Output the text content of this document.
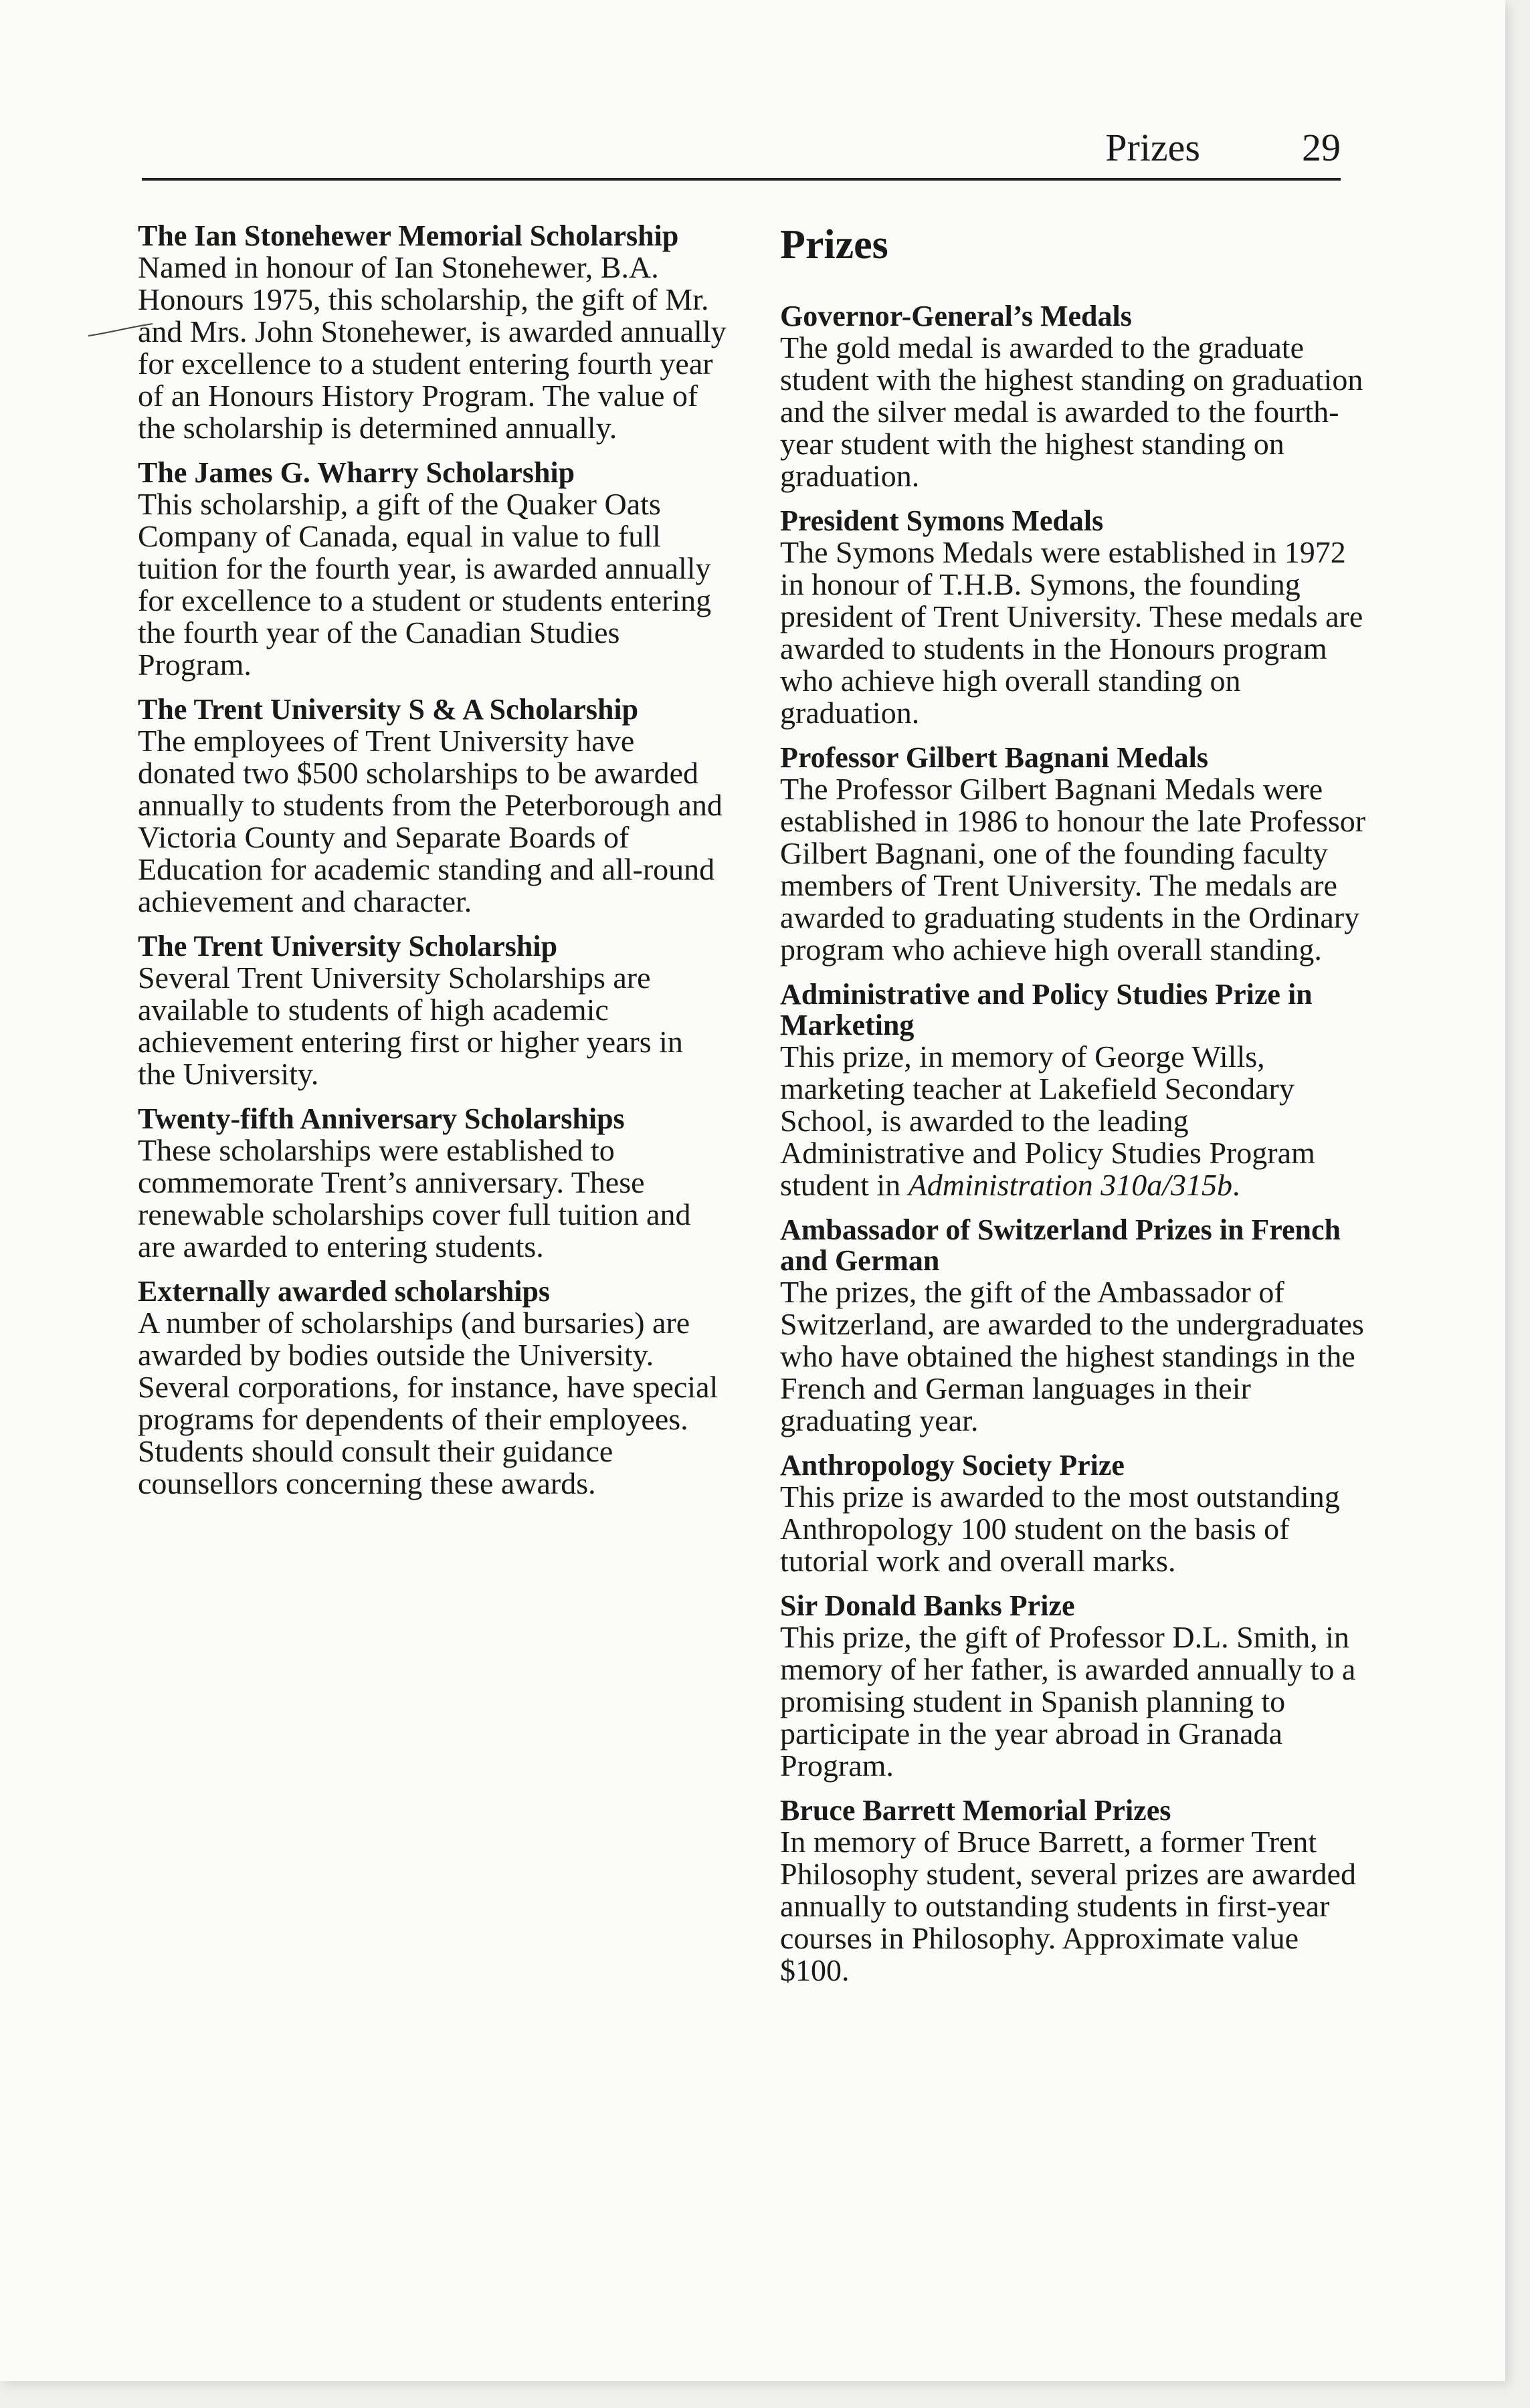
Prizes	29

The Ian Stonehewer Memorial Scholarship

Named in honour of Ian Stonehewer, B.A. Honours 1975, this scholarship, the gift of Mr. and Mrs. John Stonehewer, is awarded annually for excellence to a student entering fourth year of an Honours History Program. The value of the scholarship is determined annually.

The James G. Wharry Scholarship

This scholarship, a gift of the Quaker Oats Company of Canada, equal in value to full tuition for the fourth year, is awarded annually for excellence to a student or students entering the fourth year of the Canadian Studies Program.

The Trent University S & A Scholarship

The employees of Trent University have donated two $500 scholarships to be awarded annually to students from the Peterborough and Victoria County and Separate Boards of Education for academic standing and all-round achievement and character.

The Trent University Scholarship

Several Trent University Scholarships are available to students of high academic achievement entering first or higher years in the University.

Twenty-fifth Anniversary Scholarships

These scholarships were established to commemorate Trent’s anniversary. These renewable scholarships cover full tuition and are awarded to entering students.

Externally awarded scholarships

A number of scholarships (and bursaries) are awarded by bodies outside the University. Several corporations, for instance, have special programs for dependents of their employees. Students should consult their guidance counsellors concerning these awards.

Prizes

Governor-General’s Medals

The gold medal is awarded to the graduate student with the highest standing on graduation and the silver medal is awarded to the fourth-year student with the highest standing on graduation.

President Symons Medals

The Symons Medals were established in 1972 in honour of T.H.B. Symons, the founding president of Trent University. These medals are awarded to students in the Honours program who achieve high overall standing on graduation.

Professor Gilbert Bagnani Medals

The Professor Gilbert Bagnani Medals were established in 1986 to honour the late Professor Gilbert Bagnani, one of the founding faculty members of Trent University. The medals are awarded to graduating students in the Ordinary program who achieve high overall standing.

Administrative and Policy Studies Prize in Marketing

This prize, in memory of George Wills, marketing teacher at Lakefield Secondary School, is awarded to the leading Administrative and Policy Studies Program student in Administration 310a/315b.

Ambassador of Switzerland Prizes in French and German

The prizes, the gift of the Ambassador of Switzerland, are awarded to the undergraduates who have obtained the highest standings in the French and German languages in their graduating year.

Anthropology Society Prize

This prize is awarded to the most outstanding Anthropology 100 student on the basis of tutorial work and overall marks.

Sir Donald Banks Prize

This prize, the gift of Professor D.L. Smith, in memory of her father, is awarded annually to a promising student in Spanish planning to participate in the year abroad in Granada Program.

Bruce Barrett Memorial Prizes

In memory of Bruce Barrett, a former Trent Philosophy student, several prizes are awarded annually to outstanding students in first-year courses in Philosophy. Approximate value $100.
